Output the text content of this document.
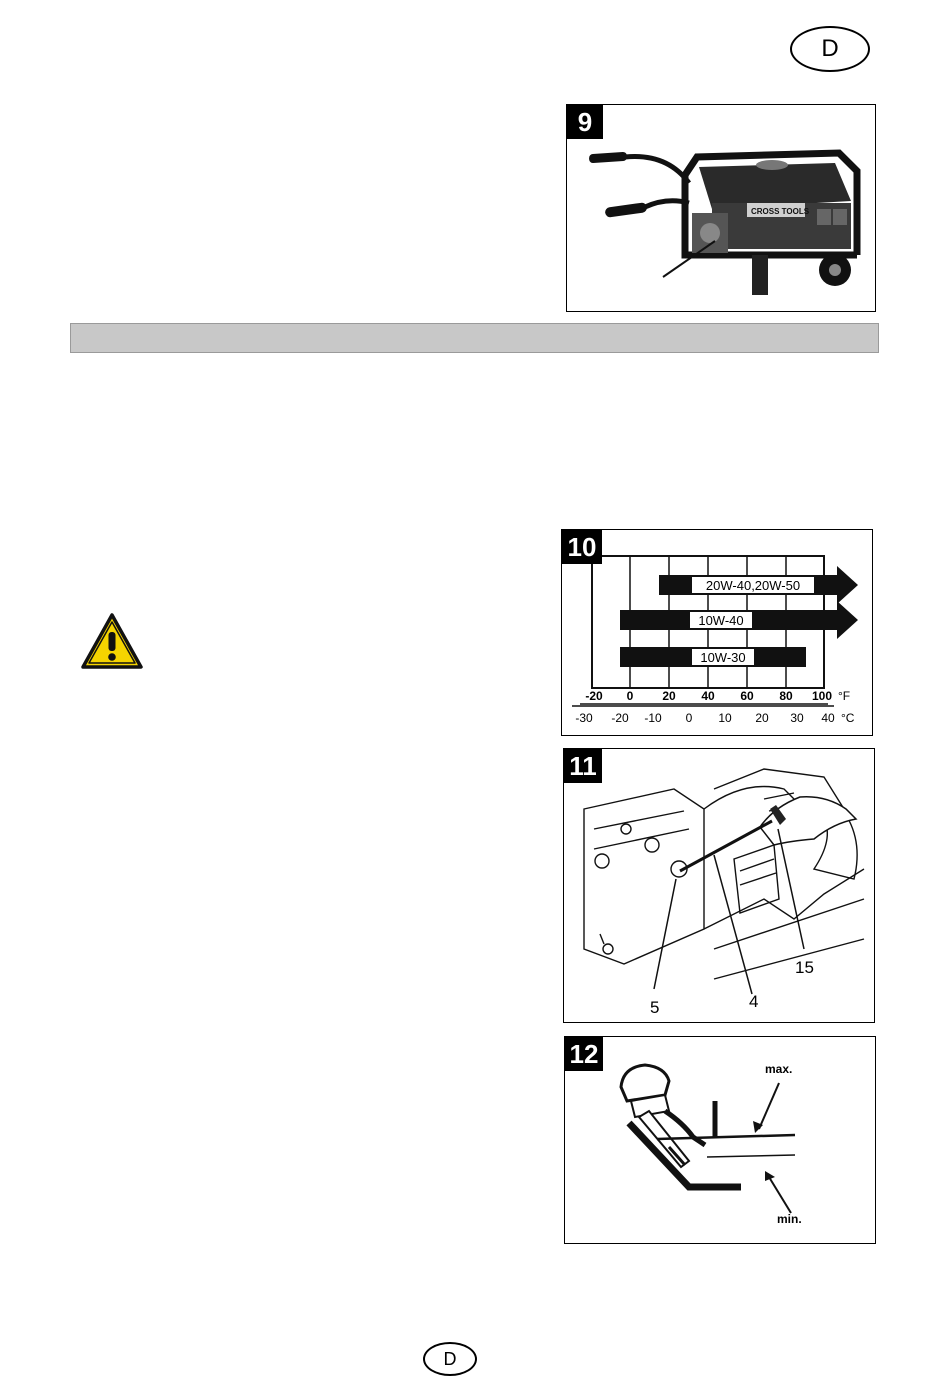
D
D
CROSS TOOLS
9
20W-40,20W-50
10W-40
10W-30
-20 0 20 40 60 80 100 °F
-30 -20 -10 0 10 20 30 40 °C
10
5	4
15
11
max.
min.
12
